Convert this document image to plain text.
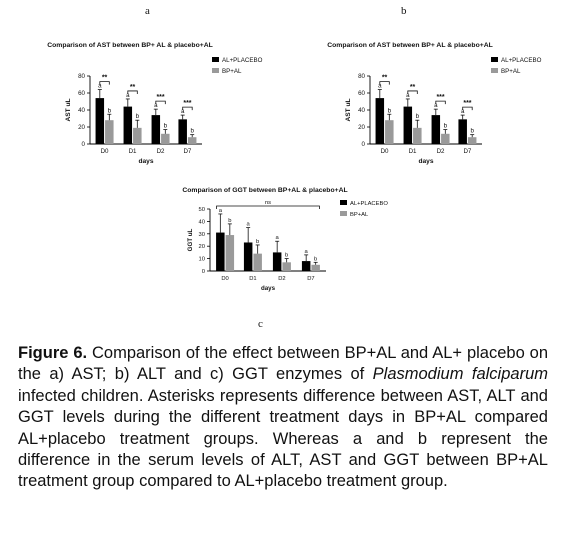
a	b
c
Comparison of AST between BP+ AL & placebo+AL
0
20
40
60
80
AST uL
days
D0
a
b
**
D1
a
b
**
D2
a
b
***
D7
a
b
***
AL+PLACEBO
BP+AL
Comparison of AST between BP+ AL & placebo+AL
0
20
40
60
80
AST uL
days
D0
a
b
**
D1
a
b
**
D2
a
b
***
D7
a
b
***
AL+PLACEBO
BP+AL
Comparison of GGT between BP+AL & placebo+AL
0
10
20
30
40
50
GGT uL
days
D0
a
b
D1
a
b
D2
a
b
D7
a
b
ns	AL+PLACEBO
BP+AL
Figure 6. Comparison of the effect between BP+AL and AL+ placebo on the a) AST; b) ALT and c) GGT enzymes of Plasmodium falciparum infected children. Asterisks represents difference between AST, ALT and GGT levels during the different treatment days in BP+AL compared AL+placebo treatment groups. Whereas a and b represent the difference in the serum levels of ALT, AST and GGT between BP+AL treatment group compared to AL+placebo treatment group.
